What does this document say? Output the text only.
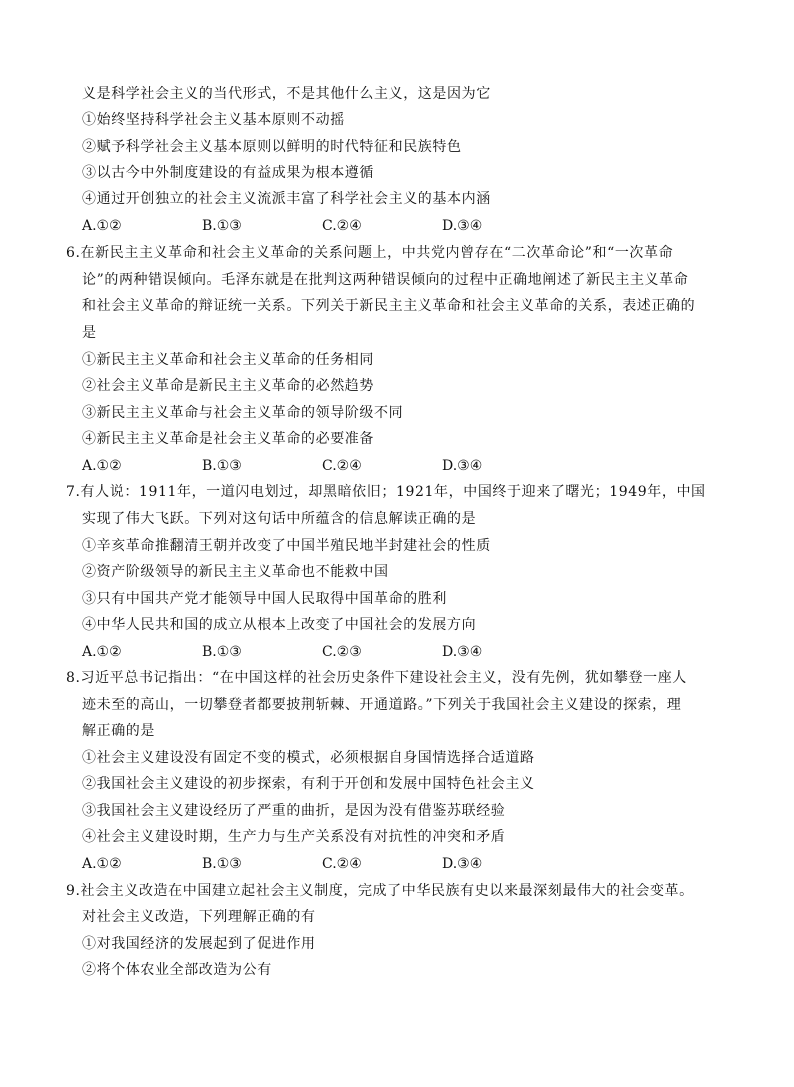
义是科学社会主义的当代形式，不是其他什么主义，这是因为它
①始终坚持科学社会主义基本原则不动摇
②赋予科学社会主义基本原则以鲜明的时代特征和民族特色
③以古今中外制度建设的有益成果为根本遵循
④通过开创独立的社会主义流派丰富了科学社会主义的基本内涵
A.①②	B.①③	C.②④	D.③④
6.在新民主主义革命和社会主义革命的关系问题上，中共党内曾存在“二次革命论”和“一次革命
论”的两种错误倾向。毛泽东就是在批判这两种错误倾向的过程中正确地阐述了新民主主义革命
和社会主义革命的辩证统一关系。下列关于新民主主义革命和社会主义革命的关系，表述正确的
是
①新民主主义革命和社会主义革命的任务相同
②社会主义革命是新民主主义革命的必然趋势
③新民主主义革命与社会主义革命的领导阶级不同
④新民主主义革命是社会主义革命的必要准备
A.①②	B.①③	C.②④	D.③④
7.有人说：1911年，一道闪电划过，却黑暗依旧；1921年，中国终于迎来了曙光；1949年，中国
实现了伟大飞跃。下列对这句话中所蕴含的信息解读正确的是
①辛亥革命推翻清王朝并改变了中国半殖民地半封建社会的性质
②资产阶级领导的新民主主义革命也不能救中国
③只有中国共产党才能领导中国人民取得中国革命的胜利
④中华人民共和国的成立从根本上改变了中国社会的发展方向
A.①②	B.①③	C.②③	D.③④
8.习近平总书记指出：“在中国这样的社会历史条件下建设社会主义，没有先例，犹如攀登一座人
迹未至的高山，一切攀登者都要披荆斩棘、开通道路。”下列关于我国社会主义建设的探索，理
解正确的是
①社会主义建设没有固定不变的模式，必须根据自身国情选择合适道路
②我国社会主义建设的初步探索，有利于开创和发展中国特色社会主义
③我国社会主义建设经历了严重的曲折，是因为没有借鉴苏联经验
④社会主义建设时期，生产力与生产关系没有对抗性的冲突和矛盾
A.①②	B.①③	C.②④	D.③④
9.社会主义改造在中国建立起社会主义制度，完成了中华民族有史以来最深刻最伟大的社会变革。
对社会主义改造，下列理解正确的有
①对我国经济的发展起到了促进作用
②将个体农业全部改造为公有
